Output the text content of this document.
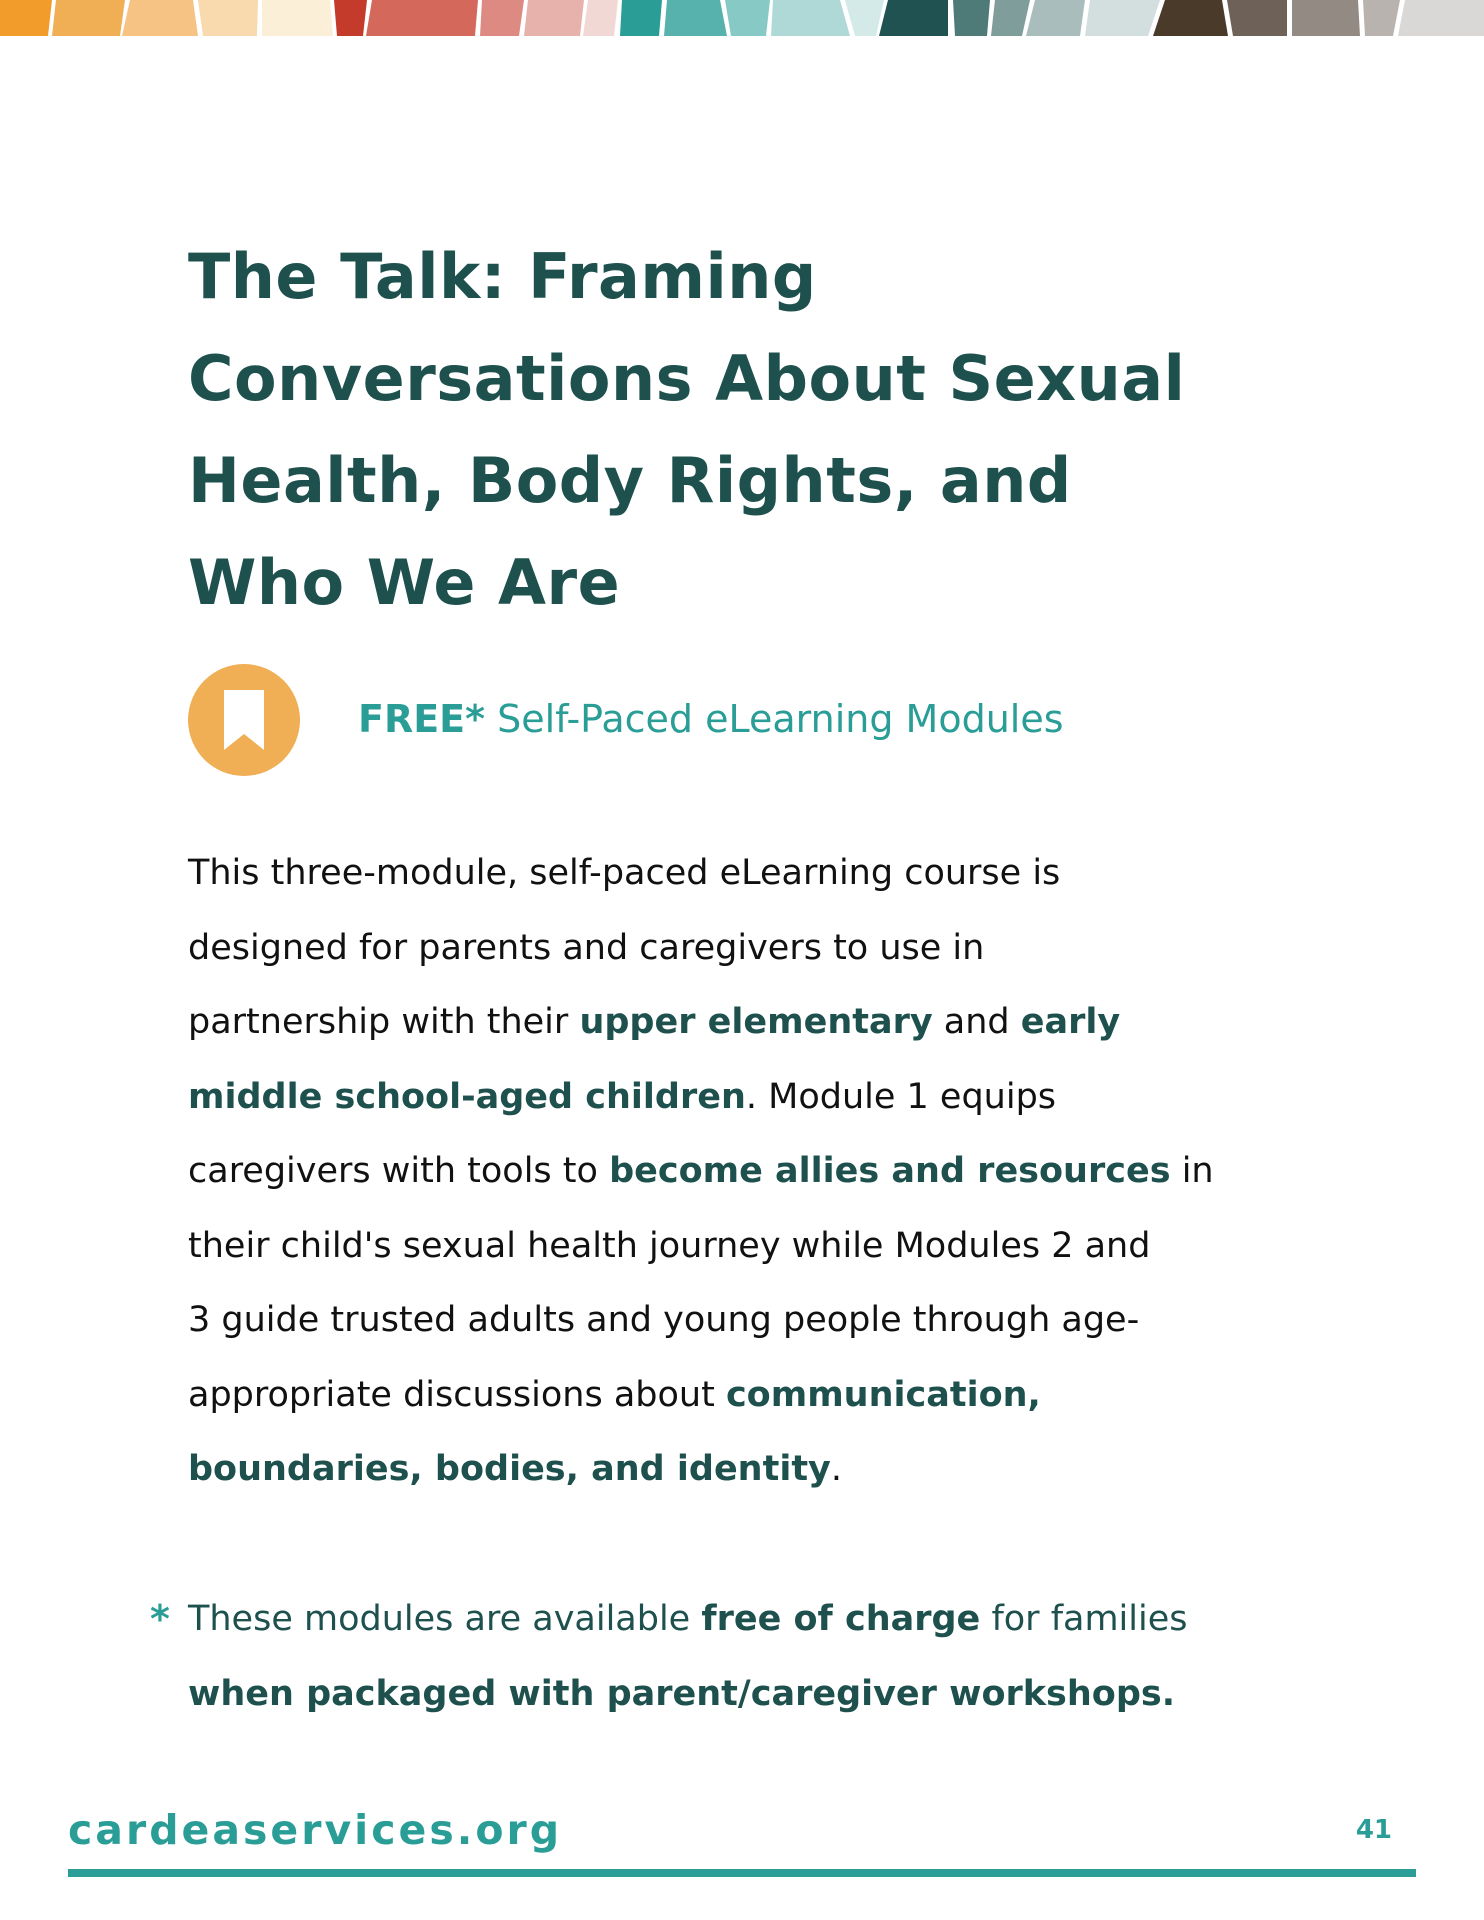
The Talk: Framing
Conversations About Sexual
Health, Body Rights, and
Who We Are
FREE* Self-Paced eLearning Modules
This three-module, self-paced eLearning course is
designed for parents and caregivers to use in
partnership with their upper elementary and early
middle school-aged children. Module 1 equips
caregivers with tools to become allies and resources in
their child's sexual health journey while Modules 2 and
3 guide trusted adults and young people through age-
appropriate discussions about communication,
boundaries, bodies, and identity.
* These modules are available free of charge for families
when packaged with parent/caregiver workshops.
cardeaservices.org	41
